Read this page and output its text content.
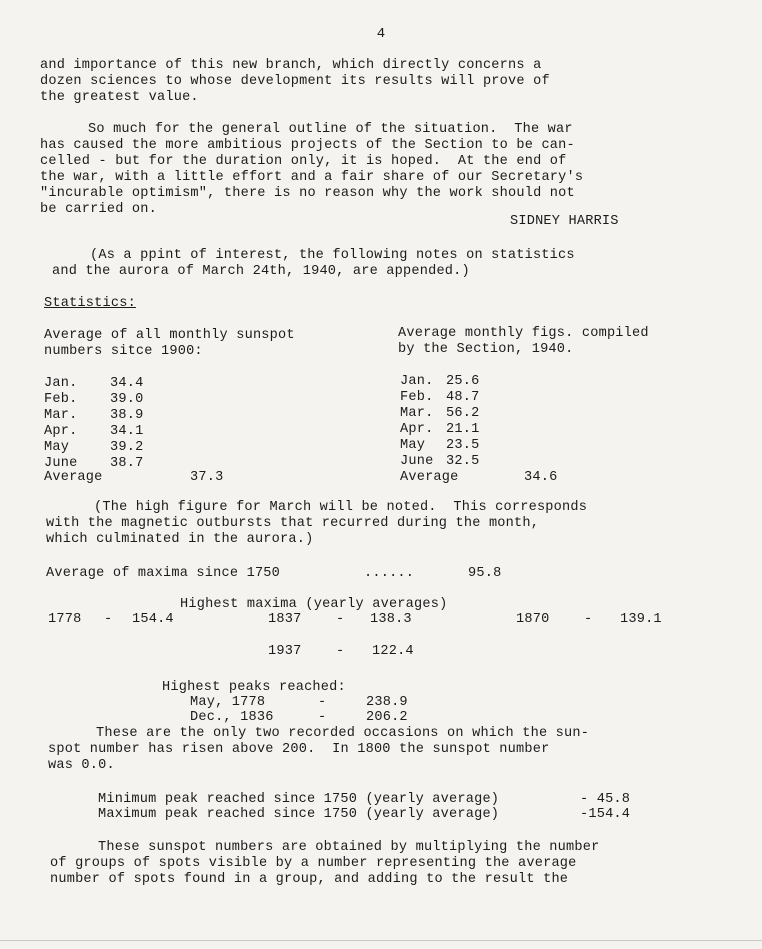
4
and importance of this new branch, which directly concerns a
dozen sciences to whose development its results will prove of
the greatest value.
So much for the general outline of the situation.  The war
has caused the more ambitious projects of the Section to be can-
celled - but for the duration only, it is hoped.  At the end of
the war, with a little effort and a fair share of our Secretary's
"incurable optimism", there is no reason why the work should not
be carried on.
SIDNEY HARRIS
(As a ppint of interest, the following notes on statistics
and the aurora of March 24th, 1940, are appended.)
Statistics:
Average of all monthly sunspot
numbers sitce 1900:
Jan. 34.4
Feb. 39.0
Mar. 38.9
Apr. 34.1
May	39.2
June 38.7
Average	37.3
Average monthly figs. compiled
by the Section, 1940.
Jan. 25.6
Feb. 48.7
Mar. 56.2
Apr. 21.1
May 23.5
June 32.5
Average	34.6
(The high figure for March will be noted.  This corresponds
with the magnetic outbursts that recurred during the month,
which culminated in the aurora.)
Average of maxima since 1750	......	95.8
Highest maxima (yearly averages)
1778 - 154.4	1837	- 138.3	1870	- 139.1
1937	- 122.4
Highest peaks reached:
May, 1778	-	238.9
Dec., 1836	-	206.2
These are the only two recorded occasions on which the sun-
spot number has risen above 200.  In 1800 the sunspot number
was 0.0.
Minimum peak reached since 1750 (yearly average)	- 45.8
Maximum peak reached since 1750 (yearly average)	-154.4
These sunspot numbers are obtained by multiplying the number
of groups of spots visible by a number representing the average
number of spots found in a group, and adding to the result the
